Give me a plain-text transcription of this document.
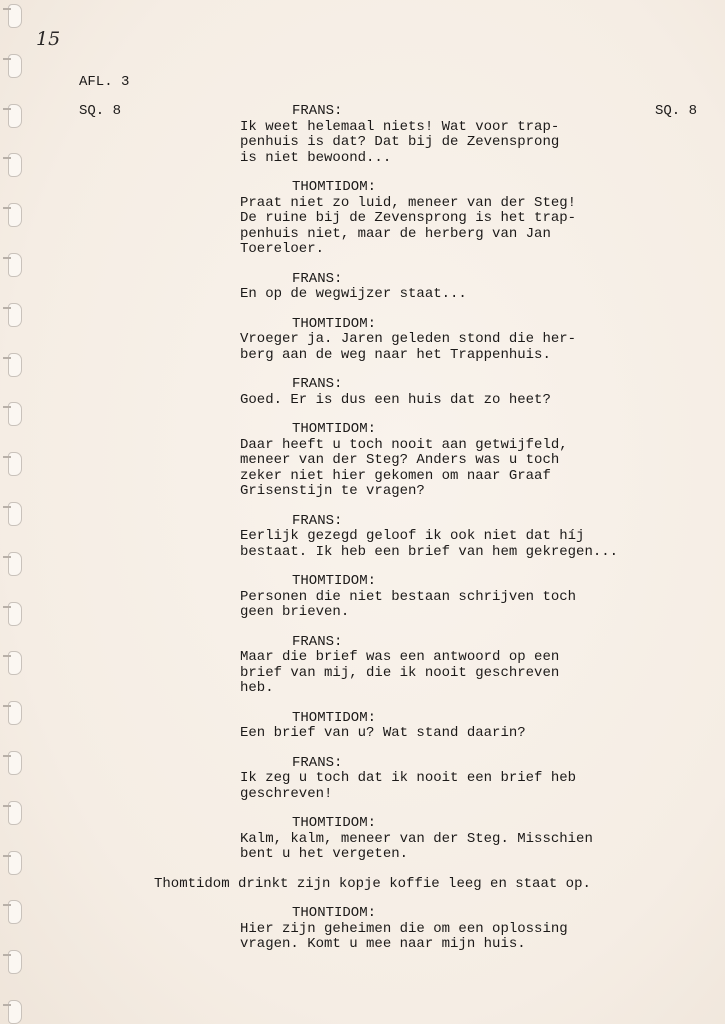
15
AFL. 3
SQ. 8	SQ. 8
FRANS:
Ik weet helemaal niets! Wat voor trap-
penhuis is dat? Dat bij de Zevensprong
is niet bewoond...
THOMTIDOM:
Praat niet zo luid, meneer van der Steg!
De ruine bij de Zevensprong is het trap-
penhuis niet, maar de herberg van Jan
Toereloer.
FRANS:
En op de wegwijzer staat...
THOMTIDOM:
Vroeger ja. Jaren geleden stond die her-
berg aan de weg naar het Trappenhuis.
FRANS:
Goed. Er is dus een huis dat zo heet?
THOMTIDOM:
Daar heeft u toch nooit aan getwijfeld,
meneer van der Steg? Anders was u toch
zeker niet hier gekomen om naar Graaf
Grisenstijn te vragen?
FRANS:
Eerlijk gezegd geloof ik ook niet dat híj
bestaat. Ik heb een brief van hem gekregen...
THOMTIDOM:
Personen die niet bestaan schrijven toch
geen brieven.
FRANS:
Maar die brief was een antwoord op een
brief van mij, die ik nooit geschreven
heb.
THOMTIDOM:
Een brief van u? Wat stand daarin?
FRANS:
Ik zeg u toch dat ik nooit een brief heb
geschreven!
THOMTIDOM:
Kalm, kalm, meneer van der Steg. Misschien
bent u het vergeten.
Thomtidom drinkt zijn kopje koffie leeg en staat op.
THONTIDOM:
Hier zijn geheimen die om een oplossing
vragen. Komt u mee naar mijn huis.
